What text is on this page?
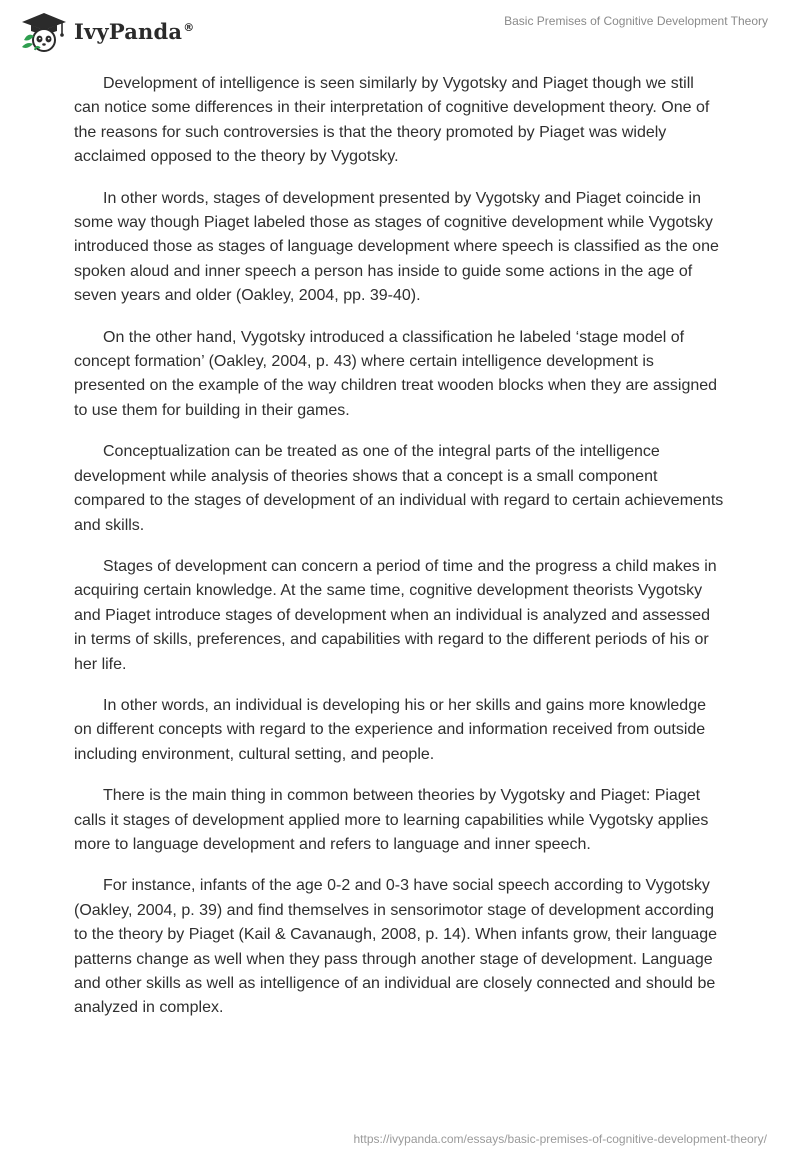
IvyPanda®	Basic Premises of Cognitive Development Theory

Development of intelligence is seen similarly by Vygotsky and Piaget though we still can notice some differences in their interpretation of cognitive development theory. One of the reasons for such controversies is that the theory promoted by Piaget was widely acclaimed opposed to the theory by Vygotsky.

In other words, stages of development presented by Vygotsky and Piaget coincide in some way though Piaget labeled those as stages of cognitive development while Vygotsky introduced those as stages of language development where speech is classified as the one spoken aloud and inner speech a person has inside to guide some actions in the age of seven years and older (Oakley, 2004, pp. 39-40).

On the other hand, Vygotsky introduced a classification he labeled ‘stage model of concept formation’ (Oakley, 2004, p. 43) where certain intelligence development is presented on the example of the way children treat wooden blocks when they are assigned to use them for building in their games.

Conceptualization can be treated as one of the integral parts of the intelligence development while analysis of theories shows that a concept is a small component compared to the stages of development of an individual with regard to certain achievements and skills.

Stages of development can concern a period of time and the progress a child makes in acquiring certain knowledge. At the same time, cognitive development theorists Vygotsky and Piaget introduce stages of development when an individual is analyzed and assessed in terms of skills, preferences, and capabilities with regard to the different periods of his or her life.

In other words, an individual is developing his or her skills and gains more knowledge on different concepts with regard to the experience and information received from outside including environment, cultural setting, and people.

There is the main thing in common between theories by Vygotsky and Piaget: Piaget calls it stages of development applied more to learning capabilities while Vygotsky applies more to language development and refers to language and inner speech.

For instance, infants of the age 0-2 and 0-3 have social speech according to Vygotsky (Oakley, 2004, p. 39) and find themselves in sensorimotor stage of development according to the theory by Piaget (Kail & Cavanaugh, 2008, p. 14). When infants grow, their language patterns change as well when they pass through another stage of development. Language and other skills as well as intelligence of an individual are closely connected and should be analyzed in complex.

https://ivypanda.com/essays/basic-premises-of-cognitive-development-theory/
